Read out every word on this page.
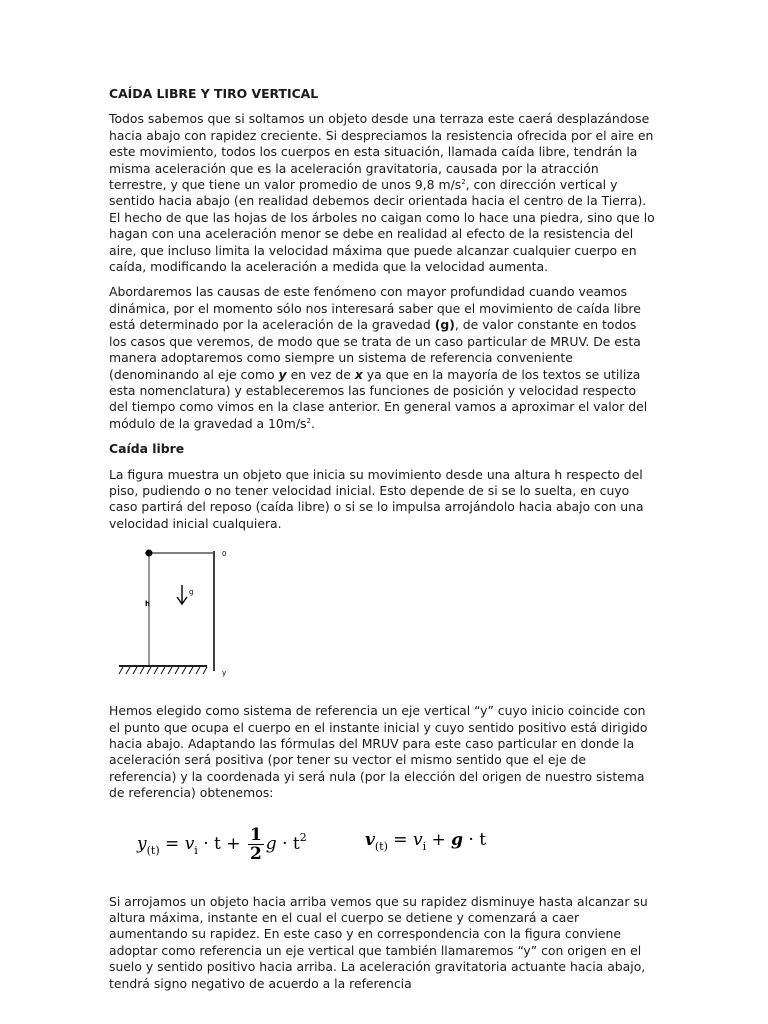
CAÍDA LIBRE Y TIRO VERTICAL

Todos sabemos que si soltamos un objeto desde una terraza este caerá desplazándose hacia abajo con rapidez creciente. Si despreciamos la resistencia ofrecida por el aire en este movimiento, todos los cuerpos en esta situación, llamada caída libre, tendrán la misma aceleración que es la aceleración gravitatoria, causada por la atracción terrestre, y que tiene un valor promedio de unos 9,8 $m/s^2$, con dirección vertical y sentido hacia abajo (en realidad debemos decir orientada hacia el centro de la Tierra). El hecho de que las hojas de los árboles no caigan como lo hace una piedra, sino que lo hagan con una aceleración menor se debe en realidad al efecto de la resistencia del aire, que incluso limita la velocidad máxima que puede alcanzar cualquier cuerpo en caída, modificando la aceleración a medida que la velocidad aumenta.

Abordaremos las causas de este fenómeno con mayor profundidad cuando veamos dinámica, por el momento sólo nos interesará saber que el movimiento de caída libre está determinado por la aceleración de la gravedad (g), de valor constante en todos los casos que veremos, de modo que se trata de un caso particular de MRUV. De esta manera adoptaremos como siempre un sistema de referencia conveniente (denominando al eje como y en vez de x ya que en la mayoría de los textos se utiliza esta nomenclatura) y estableceremos las funciones de posición y velocidad respecto del tiempo como vimos en la clase anterior. En general vamos a aproximar el valor del módulo de la gravedad a $10m/s^2$.

Caída libre

La figura muestra un objeto que inicia su movimiento desde una altura h respecto del piso, pudiendo o no tener velocidad inicial. Esto depende de si se lo suelta, en cuyo caso partirá del reposo (caída libre) o si se lo impulsa arrojándolo hacia abajo con una velocidad inicial cualquiera.

h
g
0
y

Hemos elegido como sistema de referencia un eje vertical “y” cuyo inicio coincide con el punto que ocupa el cuerpo en el instante inicial y cuyo sentido positivo está dirigido hacia abajo. Adaptando las fórmulas del MRUV para este caso particular en donde la aceleración será positiva (por tener su vector el mismo sentido que el eje de referencia) y la coordenada yi será nula (por la elección del origen de nuestro sistema de referencia) obtenemos:

$y_{(t)} = v_i \cdot t + \frac{1}{2}$ $g \cdot t^2$	$v_{(t)} = v_i + g \cdot t$

Si arrojamos un objeto hacia arriba vemos que su rapidez disminuye hasta alcanzar su altura máxima, instante en el cual el cuerpo se detiene y comenzará a caer aumentando su rapidez. En este caso y en correspondencia con la figura conviene adoptar como referencia un eje vertical que también llamaremos “y” con origen en el suelo y sentido positivo hacia arriba. La aceleración gravitatoria actuante hacia abajo, tendrá signo negativo de acuerdo a la referencia
